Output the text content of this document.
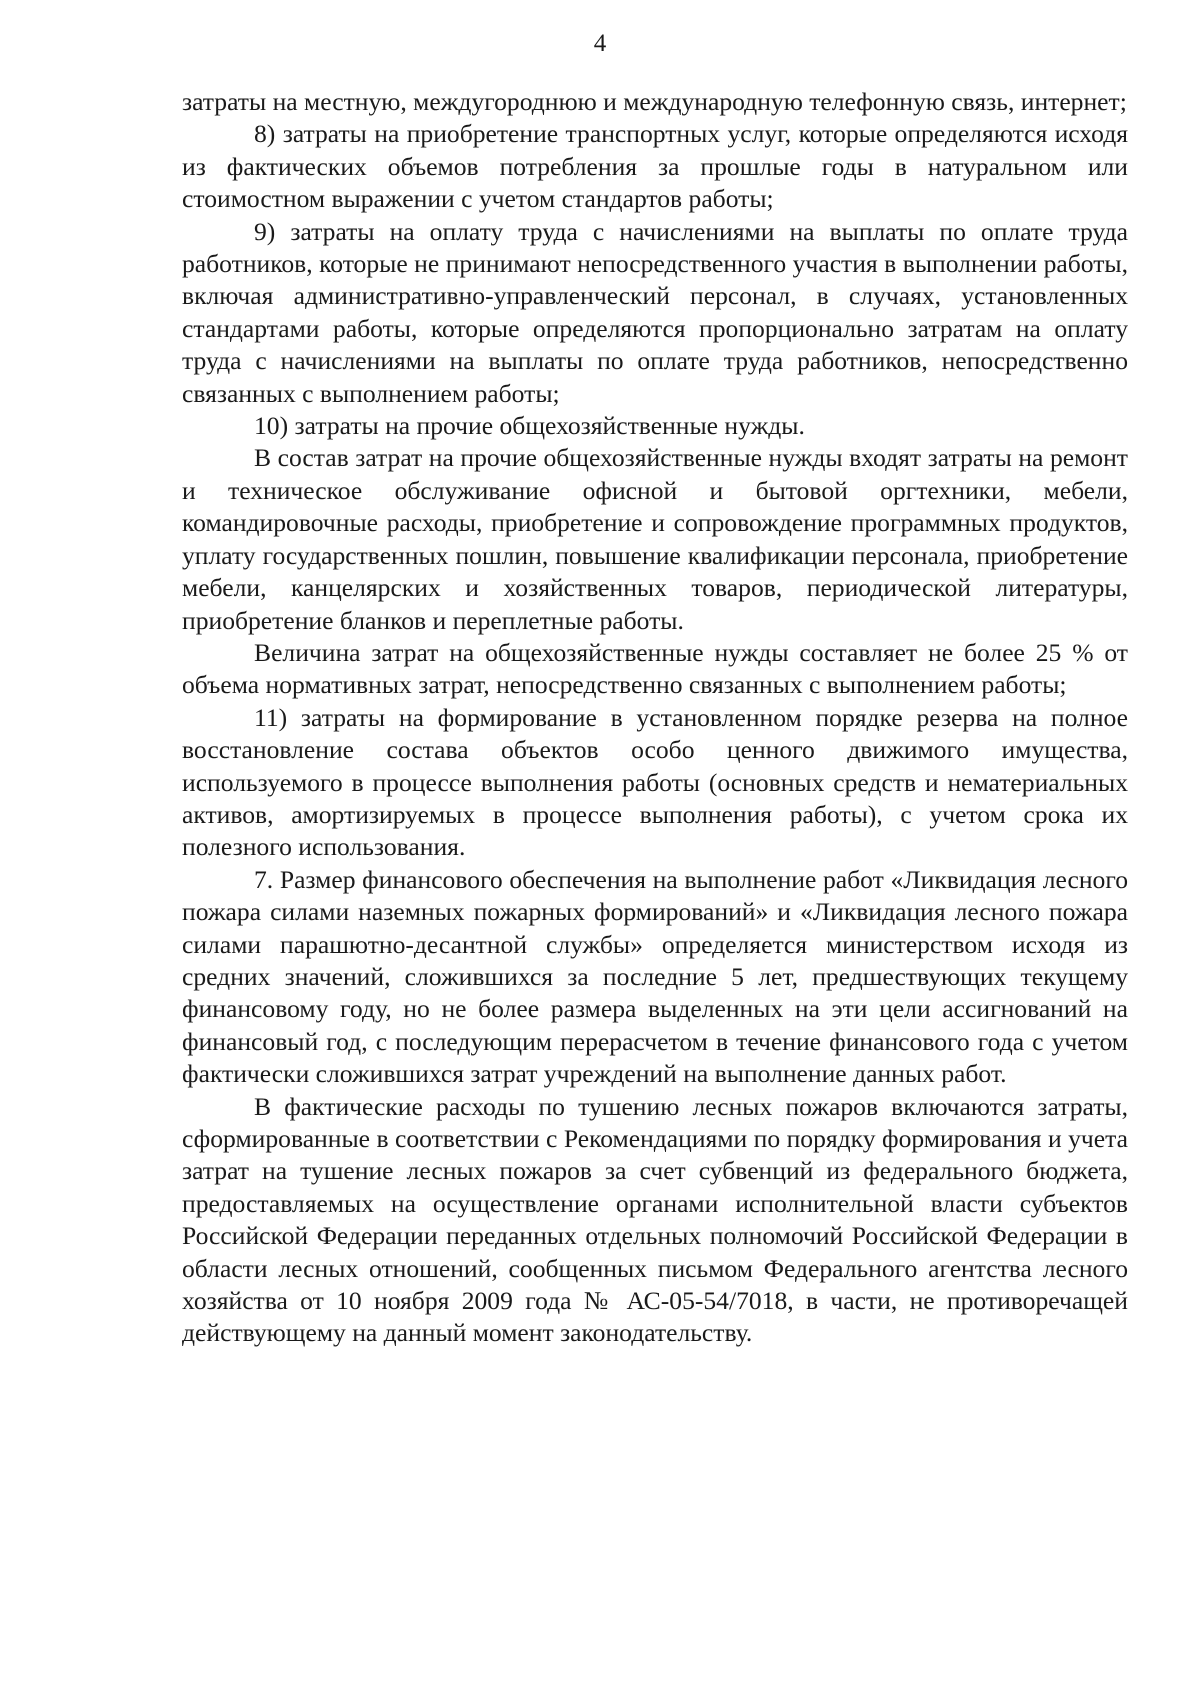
4

затраты на местную, междугороднюю и международную телефонную связь, интернет;

8) затраты на приобретение транспортных услуг, которые определяются исходя из фактических объемов потребления за прошлые годы в натуральном или стоимостном выражении с учетом стандартов работы;

9) затраты на оплату труда с начислениями на выплаты по оплате труда работников, которые не принимают непосредственного участия в выполнении работы, включая административно-управленческий персонал, в случаях, установленных стандартами работы, которые определяются пропорционально затратам на оплату труда с начислениями на выплаты по оплате труда работников, непосредственно связанных с выполнением работы;

10) затраты на прочие общехозяйственные нужды.

В состав затрат на прочие общехозяйственные нужды входят затраты на ремонт и техническое обслуживание офисной и бытовой оргтехники, мебели, командировочные расходы, приобретение и сопровождение программных продуктов, уплату государственных пошлин, повышение квалификации персонала, приобретение мебели, канцелярских и хозяйственных товаров, периодической литературы, приобретение бланков и переплетные работы.

Величина затрат на общехозяйственные нужды составляет не более 25 % от объема нормативных затрат, непосредственно связанных с выполнением работы;

11) затраты на формирование в установленном порядке резерва на полное восстановление состава объектов особо ценного движимого имущества, используемого в процессе выполнения работы (основных средств и нематериальных активов, амортизируемых в процессе выполнения работы), с учетом срока их полезного использования.

7. Размер финансового обеспечения на выполнение работ «Ликвидация лесного пожара силами наземных пожарных формирований» и «Ликвидация лесного пожара силами парашютно-десантной службы» определяется министерством исходя из средних значений, сложившихся за последние 5 лет, предшествующих текущему финансовому году, но не более размера выделенных на эти цели ассигнований на финансовый год, с последующим перерасчетом в течение финансового года с учетом фактически сложившихся затрат учреждений на выполнение данных работ.

В фактические расходы по тушению лесных пожаров включаются затраты, сформированные в соответствии с Рекомендациями по порядку формирования и учета затрат на тушение лесных пожаров за счет субвенций из федерального бюджета, предоставляемых на осуществление органами исполнительной власти субъектов Российской Федерации переданных отдельных полномочий Российской Федерации в области лесных отношений, сообщенных письмом Федерального агентства лесного хозяйства от 10 ноября 2009 года № АС-05-54/7018, в части, не противоречащей действующему на данный момент законодательству.
